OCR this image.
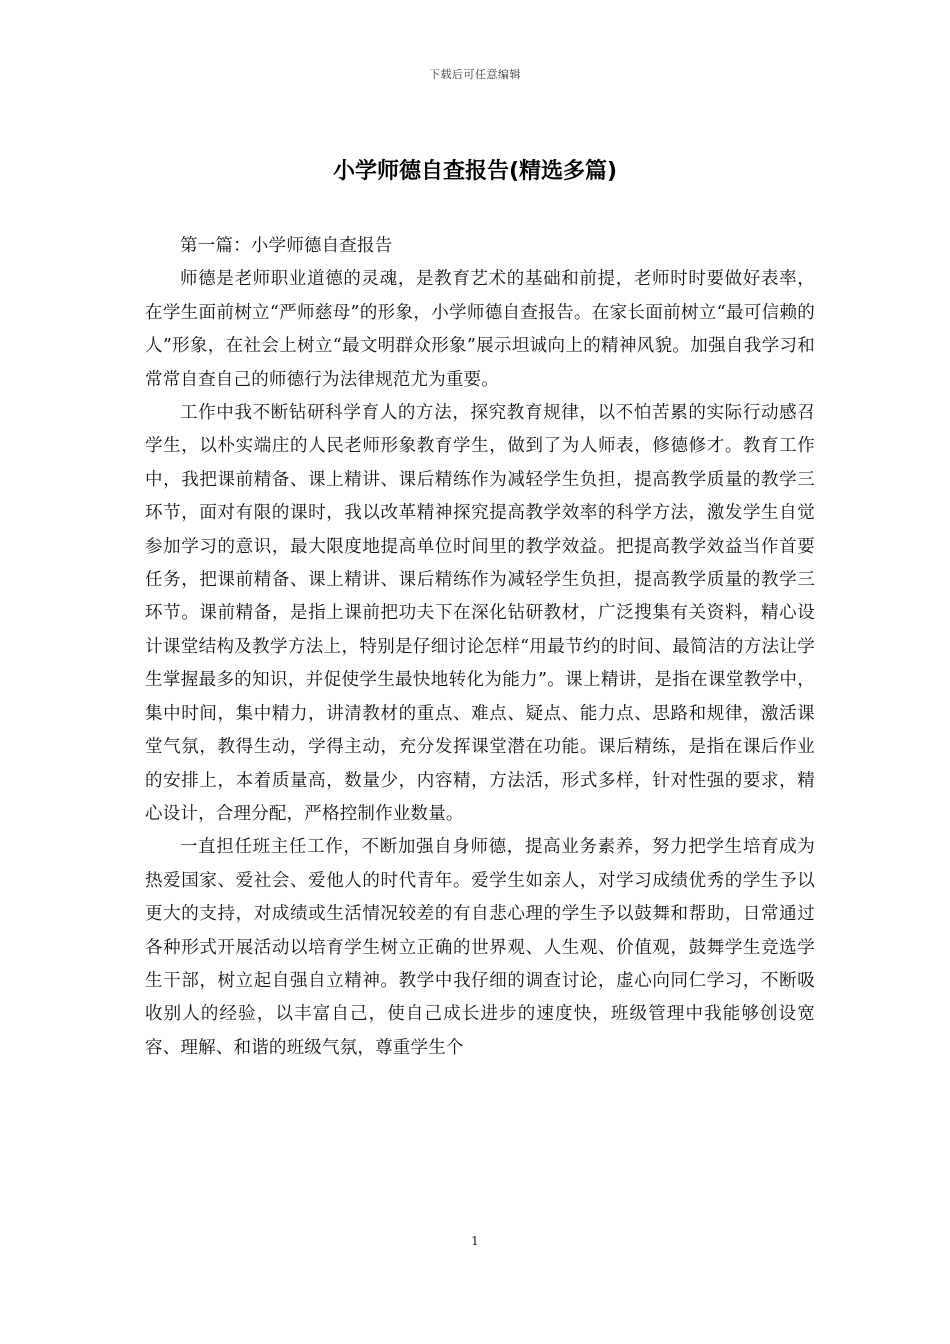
下载后可任意编辑
小学师德自查报告(精选多篇)

第一篇：小学师德自查报告

师德是老师职业道德的灵魂，是教育艺术的基础和前提，老师时时要做好表率，在学生面前树立“严师慈母”的形象，小学师德自查报告。在家长面前树立“最可信赖的人”形象，在社会上树立“最文明群众形象”展示坦诚向上的精神风貌。加强自我学习和常常自查自己的师德行为法律规范尤为重要。

工作中我不断钻研科学育人的方法，探究教育规律，以不怕苦累的实际行动感召学生，以朴实端庄的人民老师形象教育学生，做到了为人师表，修德修才。教育工作中，我把课前精备、课上精讲、课后精练作为减轻学生负担，提高教学质量的教学三环节，面对有限的课时，我以改革精神探究提高教学效率的科学方法，激发学生自觉参加学习的意识，最大限度地提高单位时间里的教学效益。把提高教学效益当作首要任务，把课前精备、课上精讲、课后精练作为减轻学生负担，提高教学质量的教学三环节。课前精备，是指上课前把功夫下在深化钻研教材，广泛搜集有关资料，精心设计课堂结构及教学方法上，特别是仔细讨论怎样“用最节约的时间、最简洁的方法让学生掌握最多的知识，并促使学生最快地转化为能力”。课上精讲，是指在课堂教学中，集中时间，集中精力，讲清教材的重点、难点、疑点、能力点、思路和规律，激活课堂气氛，教得生动，学得主动，充分发挥课堂潜在功能。课后精练，是指在课后作业的安排上，本着质量高，数量少，内容精，方法活，形式多样，针对性强的要求，精心设计，合理分配，严格控制作业数量。

一直担任班主任工作，不断加强自身师德，提高业务素养，努力把学生培育成为热爱国家、爱社会、爱他人的时代青年。爱学生如亲人，对学习成绩优秀的学生予以更大的支持，对成绩或生活情况较差的有自悲心理的学生予以鼓舞和帮助，日常通过各种形式开展活动以培育学生树立正确的世界观、人生观、价值观，鼓舞学生竞选学生干部，树立起自强自立精神。教学中我仔细的调查讨论，虚心向同仁学习，不断吸收别人的经验，以丰富自己，使自己成长进步的速度快，班级管理中我能够创设宽容、理解、和谐的班级气氛，尊重学生个

1
